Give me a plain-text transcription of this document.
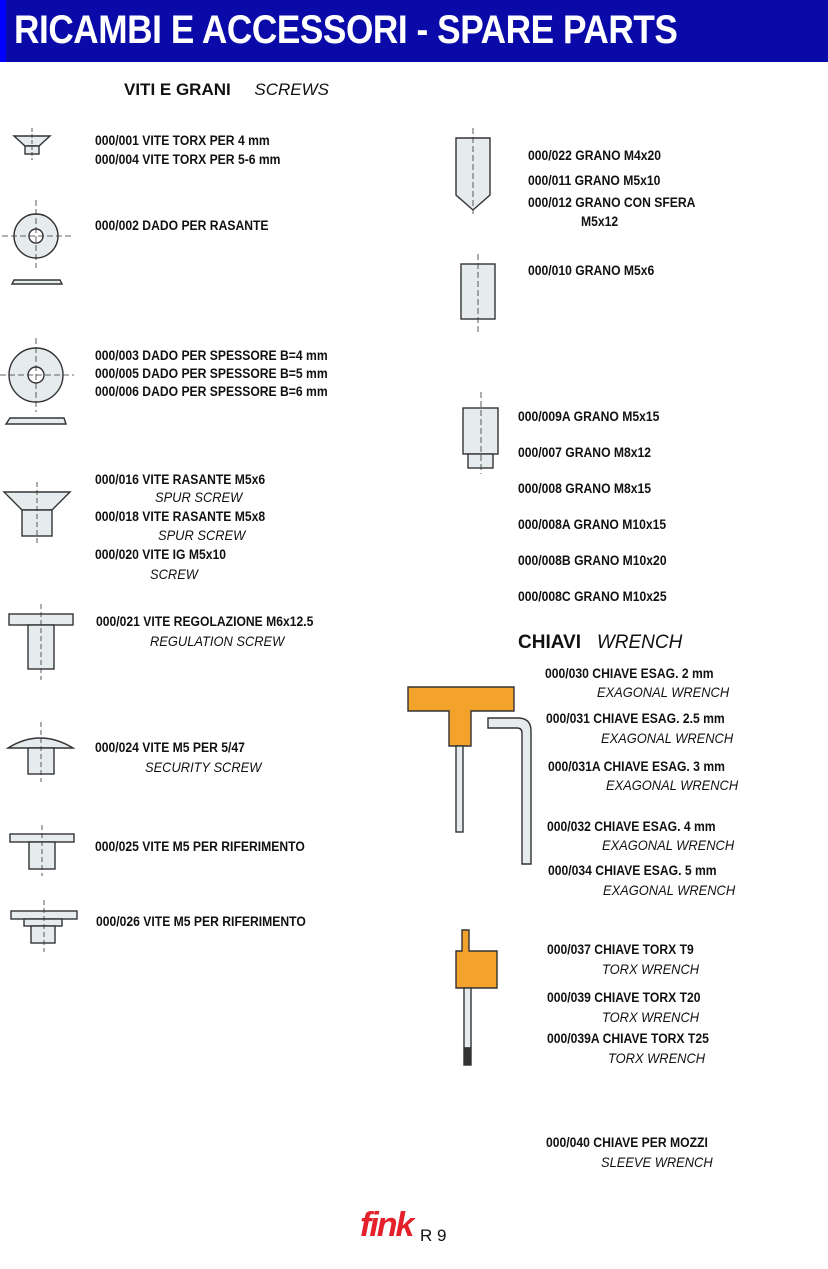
RICAMBI E ACCESSORI - SPARE PARTS
VITI E GRANI SCREWS
CHIAVI WRENCH
000/001 VITE TORX PER 4 mm
000/004 VITE TORX PER 5-6 mm
000/002 DADO PER RASANTE
000/003 DADO PER SPESSORE B=4 mm
000/005 DADO PER SPESSORE B=5 mm
000/006 DADO PER SPESSORE B=6 mm
000/016 VITE RASANTE M5x6
SPUR SCREW
000/018 VITE RASANTE M5x8
SPUR SCREW
000/020 VITE IG M5x10
SCREW
000/021 VITE REGOLAZIONE M6x12.5
REGULATION SCREW
000/024 VITE M5 PER 5/47
SECURITY SCREW
000/025 VITE M5 PER RIFERIMENTO
000/026 VITE M5 PER RIFERIMENTO
000/022 GRANO M4x20
000/011 GRANO M5x10
000/012 GRANO CON SFERA
M5x12
000/010 GRANO M5x6
000/009A GRANO M5x15
000/007 GRANO M8x12
000/008 GRANO M8x15
000/008A GRANO M10x15
000/008B GRANO M10x20
000/008C GRANO M10x25
000/030 CHIAVE ESAG. 2 mm
EXAGONAL WRENCH
000/031 CHIAVE ESAG. 2.5 mm
EXAGONAL WRENCH
000/031A CHIAVE ESAG. 3 mm
EXAGONAL WRENCH
000/032 CHIAVE ESAG. 4 mm
EXAGONAL WRENCH
000/034 CHIAVE ESAG. 5 mm
EXAGONAL WRENCH
000/037 CHIAVE TORX T9
TORX WRENCH
000/039 CHIAVE TORX T20
TORX WRENCH
000/039A CHIAVE TORX T25
TORX WRENCH
000/040 CHIAVE PER MOZZI
SLEEVE WRENCH
fink R 9
